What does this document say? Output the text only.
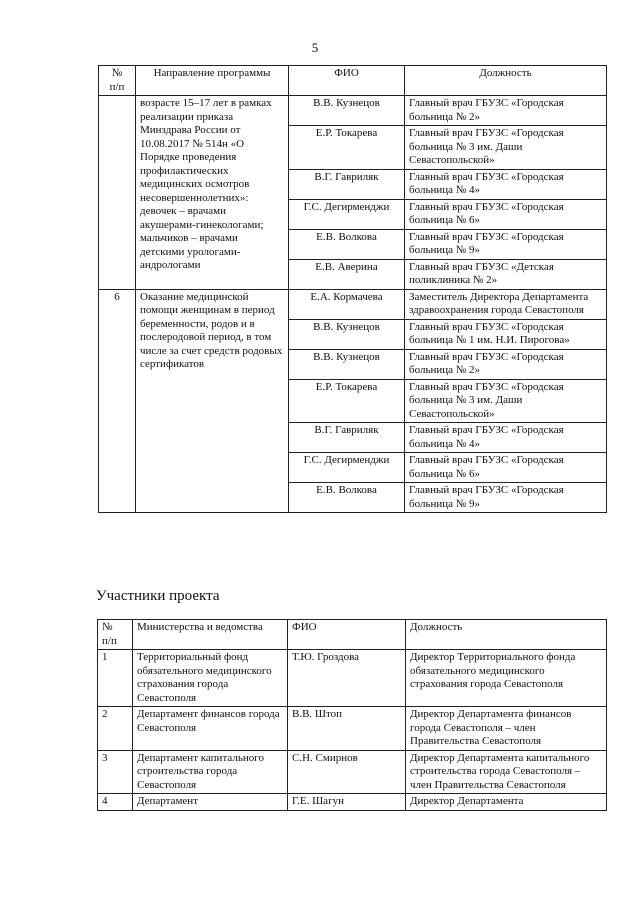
5
№
п/п	Направление программы	ФИО	Должность
	возрасте 15–17 лет в рамках реализации приказа Минздрава России от 10.08.2017 № 514н «О Порядке проведения профилактических медицинских осмотров несовершеннолетних»: девочек – врачами акушерами-гинекологами; мальчиков – врачами детскими урологами- андрологами	В.В. Кузнецов	Главный врач ГБУЗС «Городская больница № 2»
		Е.Р. Токарева	Главный врач ГБУЗС «Городская больница № 3 им. Даши Севастопольской»
		В.Г. Гавриляк	Главный врач ГБУЗС «Городская больница № 4»
		Г.С. Дегирменджи	Главный врач ГБУЗС «Городская больница № 6»
		Е.В. Волкова	Главный врач ГБУЗС «Городская больница № 9»
		Е.В. Аверина	Главный врач ГБУЗС «Детская поликлиника № 2»
6	Оказание медицинской помощи женщинам в период беременности, родов и в послеродовой период, в том числе за счет средств родовых сертификатов	Е.А. Кормачева	Заместитель Директора Департамента здравоохранения города Севастополя
		В.В. Кузнецов	Главный врач ГБУЗС «Городская больница № 1 им. Н.И. Пирогова»
		В.В. Кузнецов	Главный врач ГБУЗС «Городская больница № 2»
		Е.Р. Токарева	Главный врач ГБУЗС «Городская больница № 3 им. Даши Севастопольской»
		В.Г. Гавриляк	Главный врач ГБУЗС «Городская больница № 4»
		Г.С. Дегирменджи	Главный врач ГБУЗС «Городская больница № 6»
		Е.В. Волкова	Главный врач ГБУЗС «Городская больница № 9»
Участники проекта
№
п/п	Министерства и ведомства	ФИО	Должность
1	Территориальный фонд обязательного медицинского страхования города Севастополя	Т.Ю. Гроздова	Директор Территориального фонда обязательного медицинского страхования города Севастополя
2	Департамент финансов города Севастополя	В.В. Штоп	Директор Департамента финансов города Севастополя – член Правительства Севастополя
3	Департамент капитального строительства города Севастополя	С.Н. Смирнов	Директор Департамента капитального строительства города Севастополя – член Правительства Севастополя
4	Департамент	Г.Е. Шагун	Директор Департамента
